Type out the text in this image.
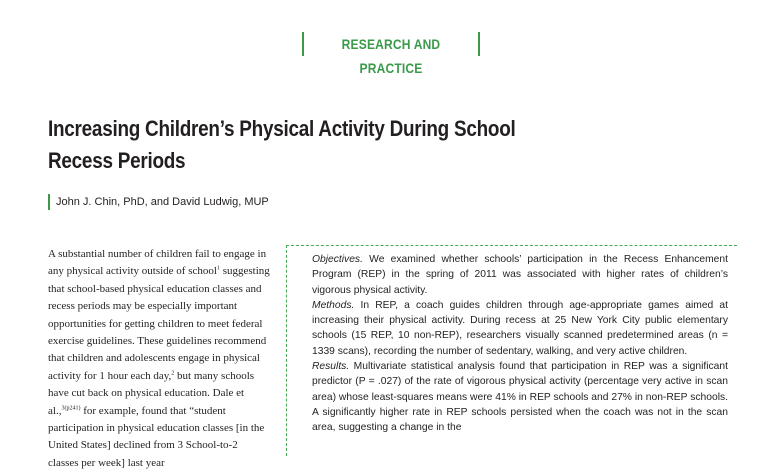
RESEARCH AND PRACTICE
Increasing Children’s Physical Activity During School Recess Periods
John J. Chin, PhD, and David Ludwig, MUP
A substantial number of children fail to engage in any physical activity outside of school$^1$ suggesting that school-based physical education classes and recess periods may be especially important opportunities for getting children to meet federal exercise guidelines. These guidelines recommend that children and adolescents engage in physical activity for 1 hour each day,$^2$ but many schools have cut back on physical education. Dale et al.,$^{3(p241)}$ for example, found that “student participation in physical education classes [in the United States] declined from 3 School-to-2 classes per week] last year

Objectives. We examined whether schools’ participation in the Recess Enhancement Program (REP) in the spring of 2011 was associated with higher rates of children’s vigorous physical activity.

Methods. In REP, a coach guides children through age-appropriate games aimed at increasing their physical activity. During recess at 25 New York City public elementary schools (15 REP, 10 non-REP), researchers visually scanned predetermined areas (n = 1339 scans), recording the number of sedentary, walking, and very active children.

Results. Multivariate statistical analysis found that participation in REP was a significant predictor (P = .027) of the rate of vigorous physical activity (percentage very active in scan area) whose least-squares means were 41% in REP schools and 27% in non-REP schools. A significantly higher rate in REP schools persisted when the coach was not in the scan area, suggesting a change in the
